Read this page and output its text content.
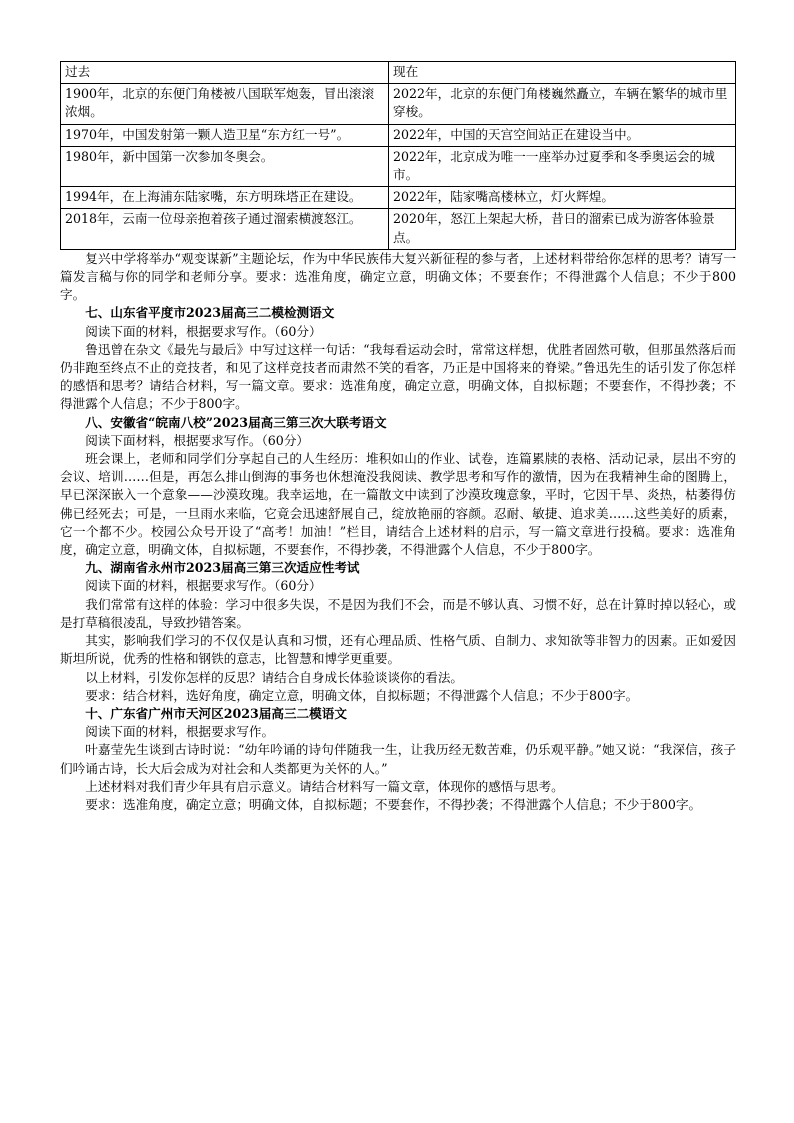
过去	现在
1900年，北京的东便门角楼被八国联军炮轰，冒出滚滚浓烟。	2022年，北京的东便门角楼巍然矗立，车辆在繁华的城市里穿梭。
1970年，中国发射第一颗人造卫星“东方红一号”。	2022年，中国的天宫空间站正在建设当中。
1980年，新中国第一次参加冬奥会。	2022年，北京成为唯一一座举办过夏季和冬季奥运会的城市。
1994年，在上海浦东陆家嘴，东方明珠塔正在建设。	2022年，陆家嘴高楼林立，灯火辉煌。
2018年，云南一位母亲抱着孩子通过溜索横渡怒江。	2020年，怒江上架起大桥，昔日的溜索已成为游客体验景点。

复兴中学将举办“观变谋新”主题论坛，作为中华民族伟大复兴新征程的参与者，上述材料带给你怎样的思考？请写一篇发言稿与你的同学和老师分享。要求：选准角度，确定立意，明确文体；不要套作；不得泄露个人信息；不少于800字。

七、山东省平度市2023届高三二模检测语文

阅读下面的材料，根据要求写作。（60分）

鲁迅曾在杂文《最先与最后》中写过这样一句话：“我每看运动会时，常常这样想，优胜者固然可敬，但那虽然落后而仍非跑至终点不止的竞技者，和见了这样竞技者而肃然不笑的看客，乃正是中国将来的脊梁。”鲁迅先生的话引发了你怎样的感悟和思考？请结合材料，写一篇文章。要求：选准角度，确定立意，明确文体，自拟标题；不要套作，不得抄袭；不得泄露个人信息；不少于800字。

八、安徽省“皖南八校”2023届高三第三次大联考语文

阅读下面材料，根据要求写作。（60分）

班会课上，老师和同学们分享起自己的人生经历：堆积如山的作业、试卷，连篇累牍的表格、活动记录，层出不穷的会议、培训……但是，再怎么排山倒海的事务也休想淹没我阅读、教学思考和写作的激情，因为在我精神生命的图腾上，早已深深嵌入一个意象——沙漠玫瑰。我幸运地，在一篇散文中读到了沙漠玫瑰意象，平时，它因干旱、炎热，枯萎得仿佛已经死去；可是，一旦雨水来临，它竟会迅速舒展自己，绽放艳丽的容颜。忍耐、敏捷、追求美……这些美好的质素，它一个都不少。校园公众号开设了“高考！加油！”栏目，请结合上述材料的启示，写一篇文章进行投稿。要求：选准角度，确定立意，明确文体，自拟标题，不要套作，不得抄袭，不得泄露个人信息，不少于800字。

九、湖南省永州市2023届高三第三次适应性考试

阅读下面的材料，根据要求写作。（60分）

我们常常有这样的体验：学习中很多失误，不是因为我们不会，而是不够认真、习惯不好，总在计算时掉以轻心，或是打草稿很凌乱，导致抄错答案。

其实，影响我们学习的不仅仅是认真和习惯，还有心理品质、性格气质、自制力、求知欲等非智力的因素。正如爱因斯坦所说，优秀的性格和钢铁的意志，比智慧和博学更重要。

以上材料，引发你怎样的反思？请结合自身成长体验谈谈你的看法。

要求：结合材料，选好角度，确定立意，明确文体，自拟标题；不得泄露个人信息；不少于800字。

十、广东省广州市天河区2023届高三二模语文

阅读下面的材料，根据要求写作。

叶嘉莹先生谈到古诗时说：“幼年吟诵的诗句伴随我一生，让我历经无数苦难，仍乐观平静。”她又说：“我深信，孩子们吟诵古诗，长大后会成为对社会和人类都更为关怀的人。”

上述材料对我们青少年具有启示意义。请结合材料写一篇文章，体现你的感悟与思考。

要求：选准角度，确定立意；明确文体，自拟标题；不要套作，不得抄袭；不得泄露个人信息；不少于800字。
